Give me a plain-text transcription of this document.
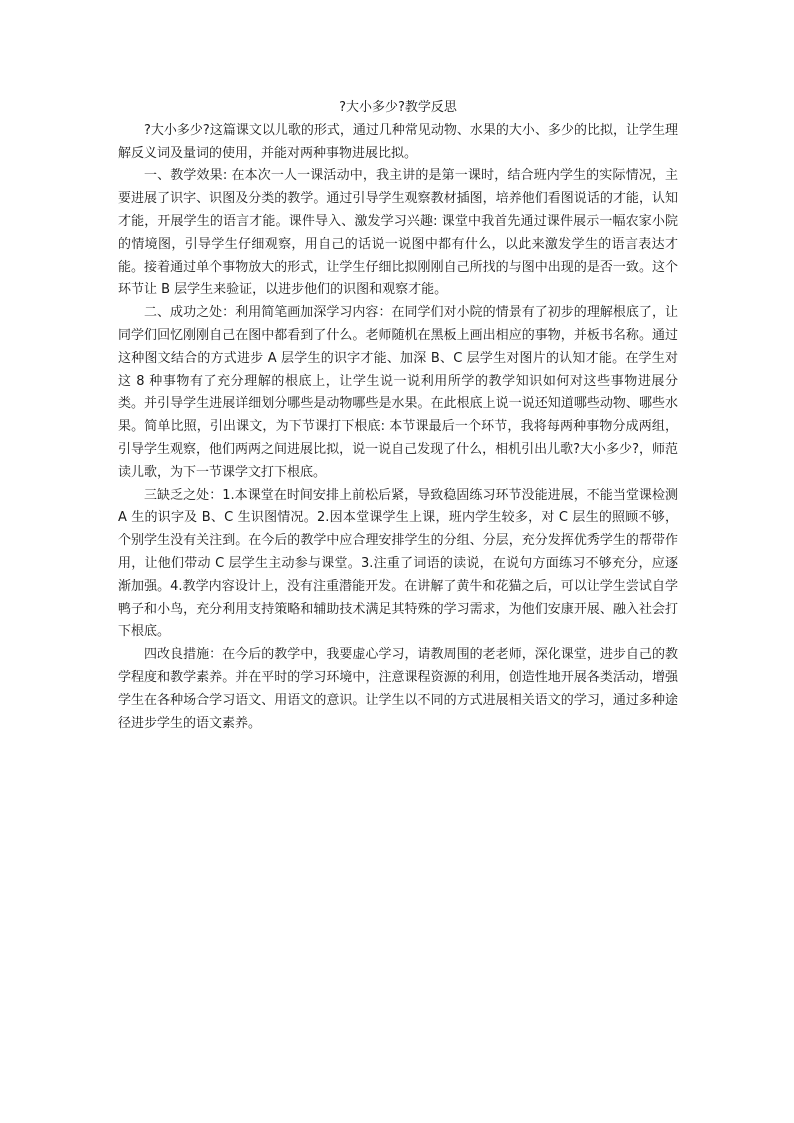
?大小多少?教学反思

?大小多少?这篇课文以儿歌的形式，通过几种常见动物、水果的大小、多少的比拟，让学生理解反义词及量词的使用，并能对两种事物进展比拟。

一、教学效果: 在本次一人一课活动中，我主讲的是第一课时，结合班内学生的实际情况，主要进展了识字、识图及分类的教学。通过引导学生观察教材插图，培养他们看图说话的才能，认知才能，开展学生的语言才能。课件导入、激发学习兴趣: 课堂中我首先通过课件展示一幅农家小院的情境图，引导学生仔细观察，用自己的话说一说图中都有什么，以此来激发学生的语言表达才能。接着通过单个事物放大的形式，让学生仔细比拟刚刚自己所找的与图中出现的是否一致。这个环节让 B 层学生来验证，以进步他们的识图和观察才能。

二、成功之处：利用简笔画加深学习内容：在同学们对小院的情景有了初步的理解根底了，让同学们回忆刚刚自己在图中都看到了什么。老师随机在黑板上画出相应的事物，并板书名称。通过这种图文结合的方式进步 A 层学生的识字才能、加深 B、C 层学生对图片的认知才能。在学生对这 8 种事物有了充分理解的根底上，让学生说一说利用所学的教学知识如何对这些事物进展分类。并引导学生进展详细划分哪些是动物哪些是水果。在此根底上说一说还知道哪些动物、哪些水果。简单比照，引出课文，为下节课打下根底: 本节课最后一个环节，我将每两种事物分成两组，引导学生观察，他们两两之间进展比拟，说一说自己发现了什么，相机引出儿歌?大小多少?，师范读儿歌，为下一节课学文打下根底。

三缺乏之处：1.本课堂在时间安排上前松后紧，导致稳固练习环节没能进展，不能当堂课检测 A 生的识字及 B、C 生识图情况。2.因本堂课学生上课，班内学生较多，对 C 层生的照顾不够，个别学生没有关注到。在今后的教学中应合理安排学生的分组、分层，充分发挥优秀学生的帮带作用，让他们带动 C 层学生主动参与课堂。3.注重了词语的读说，在说句方面练习不够充分，应逐渐加强。4.教学内容设计上，没有注重潜能开发。在讲解了黄牛和花猫之后，可以让学生尝试自学鸭子和小鸟，充分利用支持策略和辅助技术满足其特殊的学习需求，为他们安康开展、融入社会打下根底。

四改良措施：在今后的教学中，我要虚心学习，请教周围的老老师，深化课堂，进步自己的教学程度和教学素养。并在平时的学习环境中，注意课程资源的利用，创造性地开展各类活动，增强学生在各种场合学习语文、用语文的意识。让学生以不同的方式进展相关语文的学习，通过多种途径进步学生的语文素养。
